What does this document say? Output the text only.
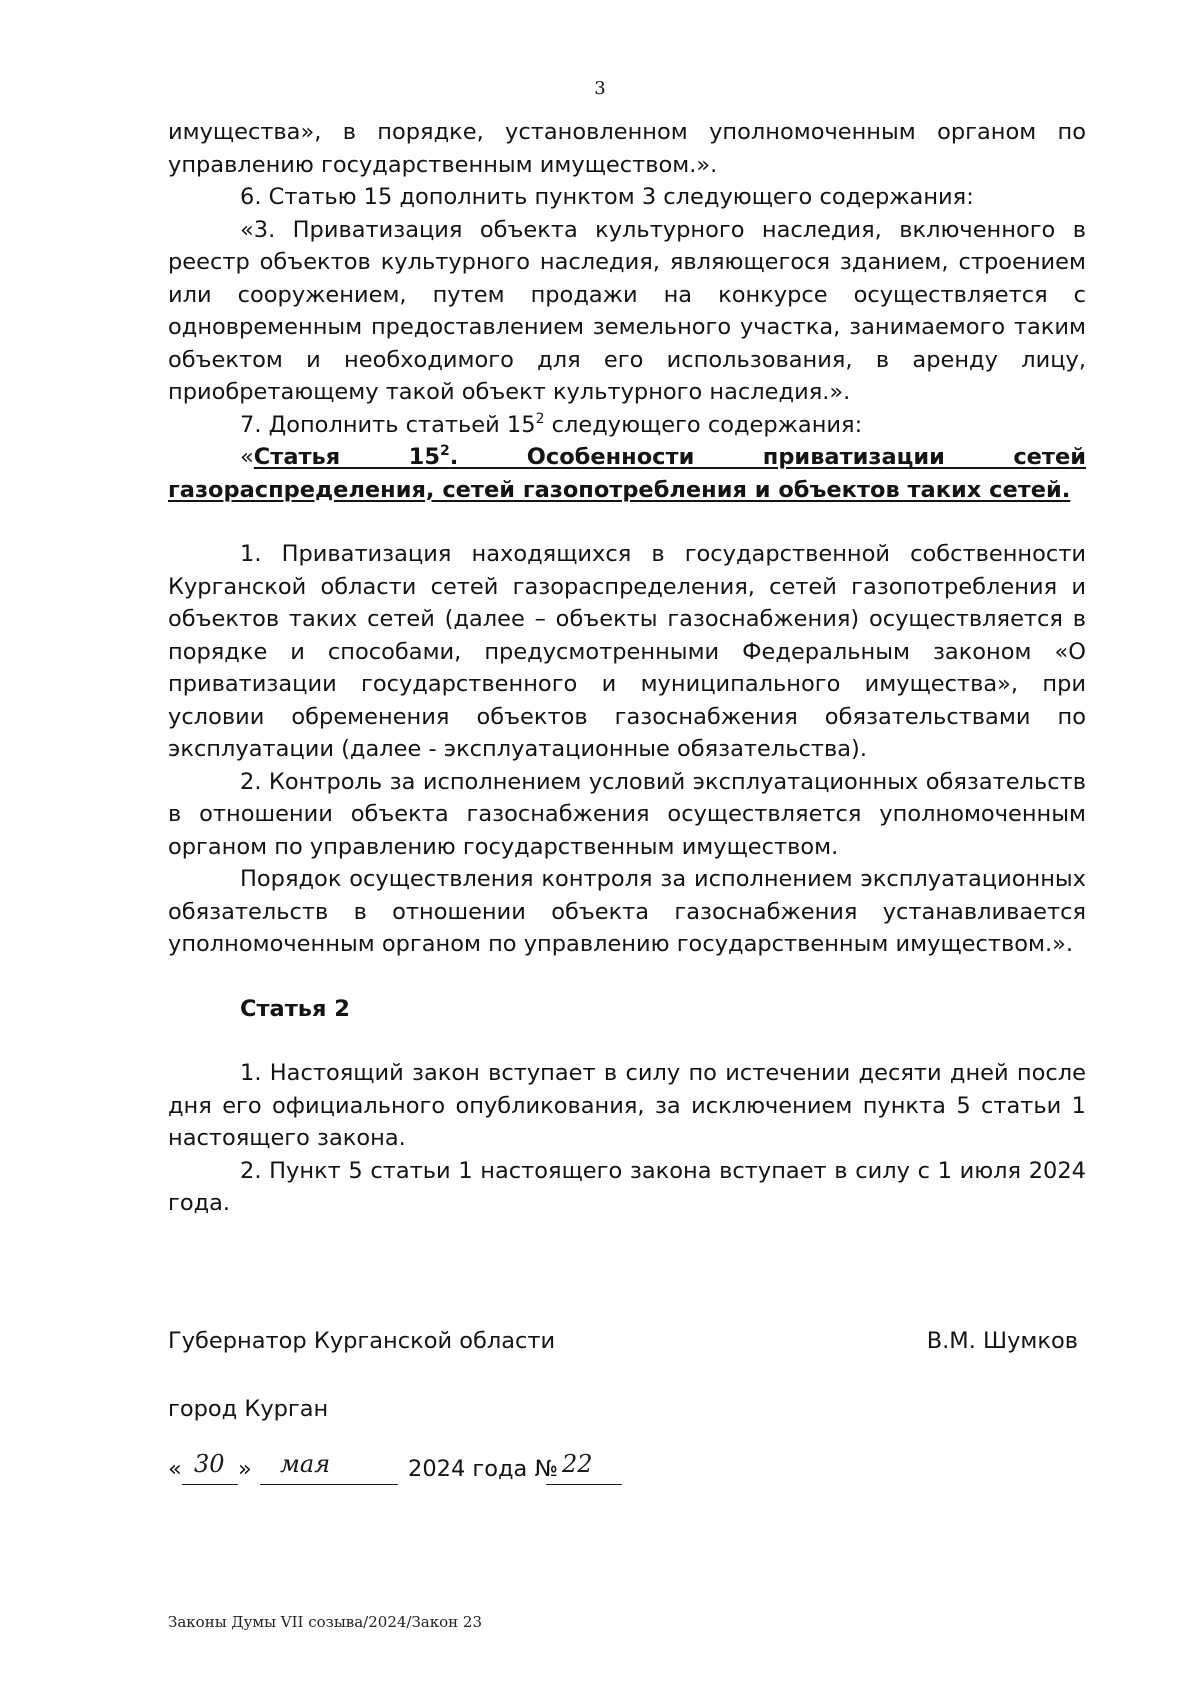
3

имущества», в порядке, установленном уполномоченным органом по управлению государственным имуществом.».

6. Статью 15 дополнить пунктом 3 следующего содержания:

«3. Приватизация объекта культурного наследия, включенного в реестр объектов культурного наследия, являющегося зданием, строением или сооружением, путем продажи на конкурсе осуществляется с одновременным предоставлением земельного участка, занимаемого таким объектом и необходимого для его использования, в аренду лицу, приобретающему такой объект культурного наследия.».

7. Дополнить статьей $15^2$ следующего содержания:

«Статья $15^2$. Особенности приватизации сетей газораспределения, сетей газопотребления и объектов таких сетей.

1. Приватизация находящихся в государственной собственности Курганской области сетей газораспределения, сетей газопотребления и объектов таких сетей (далее – объекты газоснабжения) осуществляется в порядке и способами, предусмотренными Федеральным законом «О приватизации государственного и муниципального имущества», при условии обременения объектов газоснабжения обязательствами по эксплуатации (далее - эксплуатационные обязательства).

2. Контроль за исполнением условий эксплуатационных обязательств в отношении объекта газоснабжения осуществляется уполномоченным органом по управлению государственным имуществом.

Порядок осуществления контроля за исполнением эксплуатационных обязательств в отношении объекта газоснабжения устанавливается уполномоченным органом по управлению государственным имуществом.».

Статья 2

1. Настоящий закон вступает в силу по истечении десяти дней после дня его официального опубликования, за исключением пункта 5 статьи 1 настоящего закона.

2. Пункт 5 статьи 1 настоящего закона вступает в силу с 1 июля 2024 года.

Губернатор Курганской области	В.М. Шумков
город Курган
« 30 » мая	2024 года № 22
Законы Думы VII созыва/2024/Закон 23
